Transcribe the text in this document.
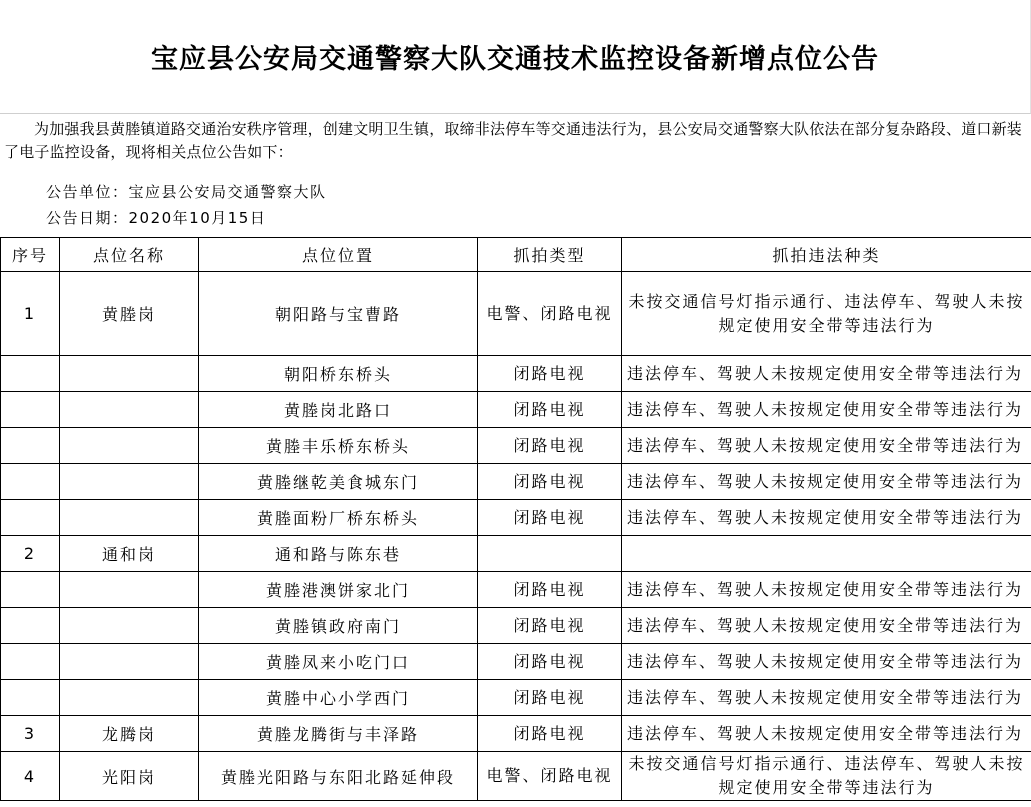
宝应县公安局交通警察大队交通技术监控设备新增点位公告
为加强我县黄塍镇道路交通治安秩序管理，创建文明卫生镇，取缔非法停车等交通违法行为，县公安局交通警察大队依法在部分复杂路段、道口新装了电子监控设备，现将相关点位公告如下：
公告单位：宝应县公安局交通警察大队
公告日期：2020年10月15日
序号	点位名称	点位位置	抓拍类型	抓拍违法种类
1	黄塍岗	朝阳路与宝曹路	电警、闭路电视	未按交通信号灯指示通行、违法停车、驾驶人未按规定使用安全带等违法行为

		朝阳桥东桥头	闭路电视	违法停车、驾驶人未按规定使用安全带等违法行为

		黄塍岗北路口	闭路电视	违法停车、驾驶人未按规定使用安全带等违法行为

		黄塍丰乐桥东桥头	闭路电视	违法停车、驾驶人未按规定使用安全带等违法行为

		黄塍继乾美食城东门	闭路电视	违法停车、驾驶人未按规定使用安全带等违法行为

		黄塍面粉厂桥东桥头	闭路电视	违法停车、驾驶人未按规定使用安全带等违法行为

2	通和岗	通和路与陈东巷		

		黄塍港澳饼家北门	闭路电视	违法停车、驾驶人未按规定使用安全带等违法行为

		黄塍镇政府南门	闭路电视	违法停车、驾驶人未按规定使用安全带等违法行为

		黄塍凤来小吃门口	闭路电视	违法停车、驾驶人未按规定使用安全带等违法行为

		黄塍中心小学西门	闭路电视	违法停车、驾驶人未按规定使用安全带等违法行为

3	龙腾岗	黄塍龙腾街与丰泽路	闭路电视	违法停车、驾驶人未按规定使用安全带等违法行为

4	光阳岗	黄塍光阳路与东阳北路延伸段	电警、闭路电视	未按交通信号灯指示通行、违法停车、驾驶人未按规定使用安全带等违法行为
